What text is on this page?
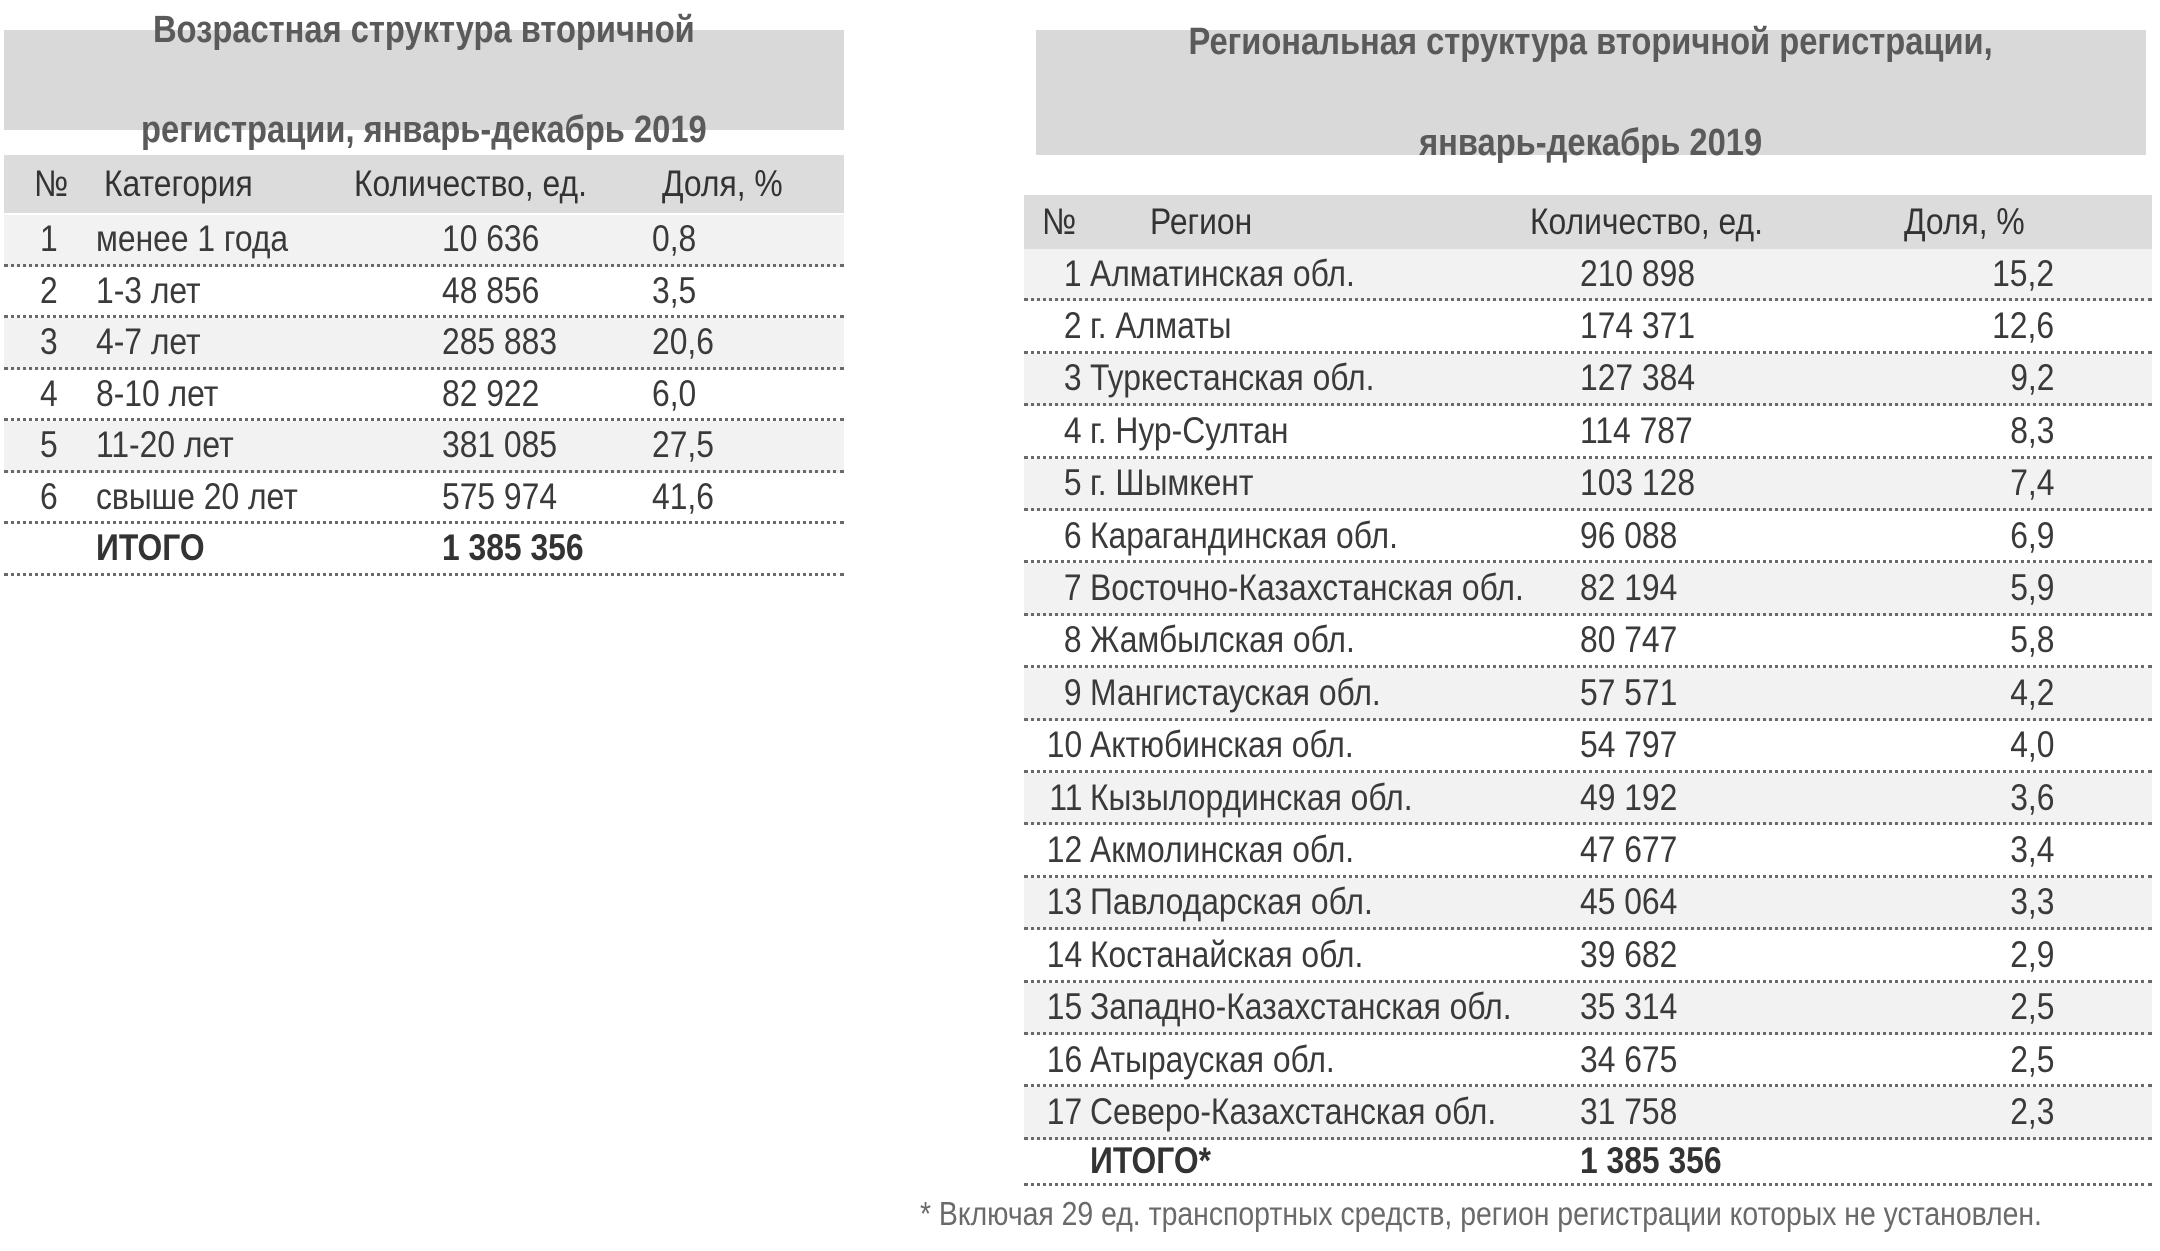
Возрастная структура вторичной

регистрации, январь-декабрь 2019
№ Категория	Количество, ед. Доля, %
1 менее 1 года	10 636	0,8
2 1-3 лет	48 856	3,5
3 4-7 лет	285 883	20,6
4 8-10 лет	82 922	6,0
5 11-20 лет	381 085	27,5
6 свыше 20 лет	575 974	41,6
ИТОГО	1 385 356
Региональная структура вторичной регистрации,

январь-декабрь 2019
№ Регион	Количество, ед.	Доля, %
1 Алматинская обл.	210 898	15,2
2 г. Алматы	174 371	12,6
3 Туркестанская обл.	127 384	9,2
4 г. Нур-Султан	114 787	8,3
5 г. Шымкент	103 128	7,4
6 Карагандинская обл.	96 088	6,9
7 Восточно-Казахстанская обл. 82 194	5,9
8 Жамбылская обл.	80 747	5,8
9 Мангистауская обл.	57 571	4,2
10 Актюбинская обл.	54 797	4,0
11 Кызылординская обл.	49 192	3,6
12 Акмолинская обл.	47 677	3,4
13 Павлодарская обл.	45 064	3,3
14 Костанайская обл.	39 682	2,9
15 Западно-Казахстанская обл. 35 314	2,5
16 Атырауская обл.	34 675	2,5
17 Северо-Казахстанская обл. 31 758	2,3
ИТОГО*	1 385 356
* Включая 29 ед. транспортных средств, регион регистрации которых не установлен.
